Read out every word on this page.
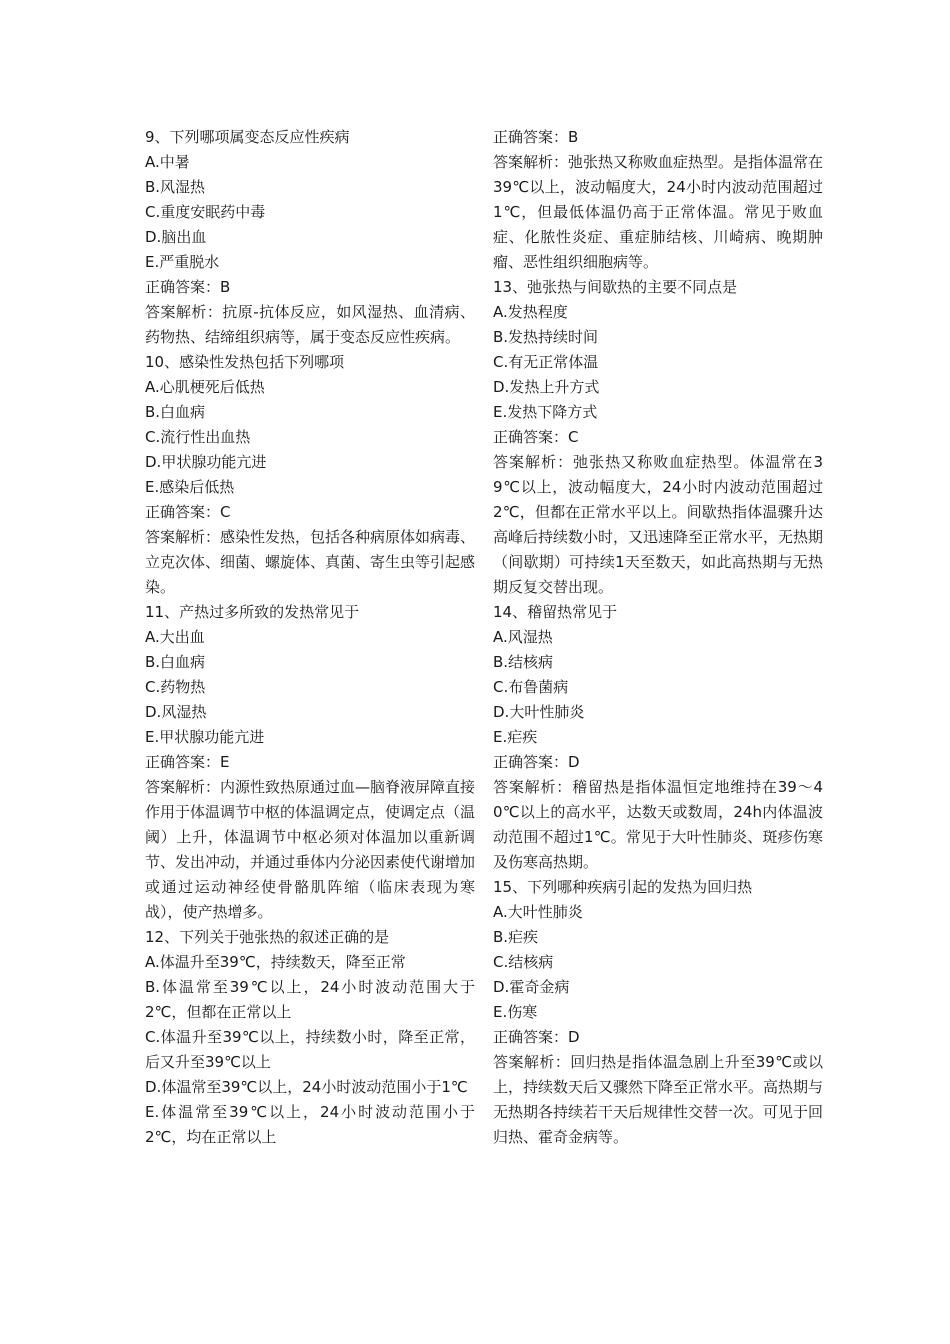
9、下列哪项属变态反应性疾病
A.中暑
B.风湿热
C.重度安眠药中毒
D.脑出血
E.严重脱水
正确答案：B
答案解析：抗原-抗体反应，如风湿热、血清病、药物热、结缔组织病等，属于变态反应性疾病。
10、感染性发热包括下列哪项
A.心肌梗死后低热
B.白血病
C.流行性出血热
D.甲状腺功能亢进
E.感染后低热
正确答案：C
答案解析：感染性发热，包括各种病原体如病毒、立克次体、细菌、螺旋体、真菌、寄生虫等引起感染。
11、产热过多所致的发热常见于
A.大出血
B.白血病
C.药物热
D.风湿热
E.甲状腺功能亢进
正确答案：E
答案解析：内源性致热原通过血—脑脊液屏障直接作用于体温调节中枢的体温调定点，使调定点（温阈）上升，体温调节中枢必须对体温加以重新调节、发出冲动，并通过垂体内分泌因素使代谢增加或通过运动神经使骨骼肌阵缩（临床表现为寒战），使产热增多。
12、下列关于弛张热的叙述正确的是
A.体温升至39℃，持续数天，降至正常
B.体温常至39℃以上，24小时波动范围大于2℃，但都在正常以上
C.体温升至39℃以上，持续数小时，降至正常，后又升至39℃以上
D.体温常至39℃以上，24小时波动范围小于1℃
E.体温常至39℃以上，24小时波动范围小于2℃，均在正常以上
正确答案：B
答案解析：弛张热又称败血症热型。是指体温常在39℃以上，波动幅度大，24小时内波动范围超过1℃，但最低体温仍高于正常体温。常见于败血症、化脓性炎症、重症肺结核、川崎病、晚期肿瘤、恶性组织细胞病等。
13、弛张热与间歇热的主要不同点是
A.发热程度
B.发热持续时间
C.有无正常体温
D.发热上升方式
E.发热下降方式
正确答案：C
答案解析：弛张热又称败血症热型。体温常在39℃以上，波动幅度大，24小时内波动范围超过2℃，但都在正常水平以上。间歇热指体温骤升达高峰后持续数小时，又迅速降至正常水平，无热期（间歇期）可持续1天至数天，如此高热期与无热期反复交替出现。
14、稽留热常见于
A.风湿热
B.结核病
C.布鲁菌病
D.大叶性肺炎
E.疟疾
正确答案：D
答案解析：稽留热是指体温恒定地维持在39～40℃以上的高水平，达数天或数周，24h内体温波动范围不超过1℃。常见于大叶性肺炎、斑疹伤寒及伤寒高热期。
15、下列哪种疾病引起的发热为回归热
A.大叶性肺炎
B.疟疾
C.结核病
D.霍奇金病
E.伤寒
正确答案：D
答案解析：回归热是指体温急剧上升至39℃或以上，持续数天后又骤然下降至正常水平。高热期与无热期各持续若干天后规律性交替一次。可见于回归热、霍奇金病等。
